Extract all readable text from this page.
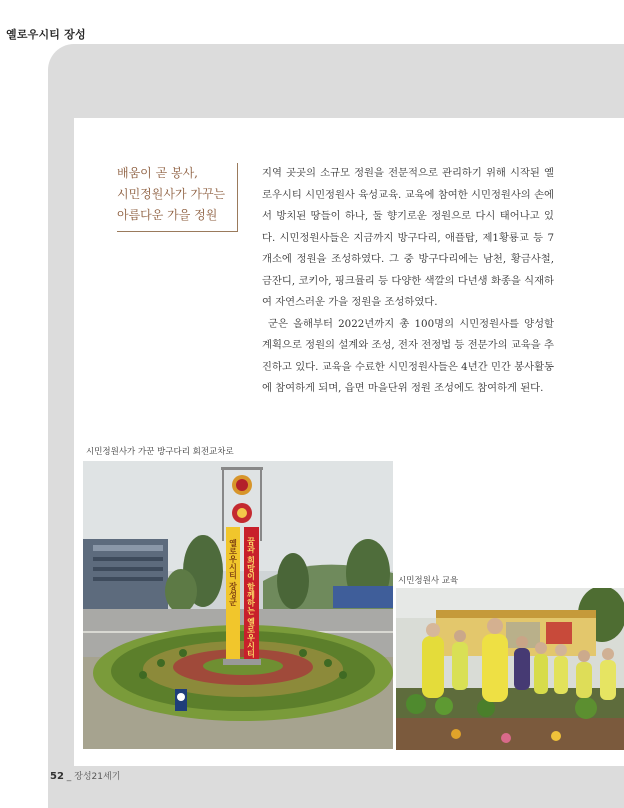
옐로우시티 장성
배움이 곧 봉사,
시민정원사가 가꾸는
아름다운 가을 정원

지역 곳곳의 소규모 정원을 전문적으로 관리하기 위해 시작된 옐로우시티 시민정원사 육성교육. 교육에 참여한 시민정원사의 손에서 방치된 땅들이 하나, 둘 향기로운 정원으로 다시 태어나고 있다. 시민정원사들은 지금까지 방구다리, 애플탑, 제1황룡교 등 7개소에 정원을 조성하였다. 그 중 방구다리에는 남천, 황금사철, 금잔디, 코키아, 핑크뮬리 등 다양한 색깔의 다년생 화종을 식재하여 자연스러운 가을 정원을 조성하였다.

군은 올해부터 2022년까지 총 100명의 시민정원사를 양성할 계획으로 정원의 설계와 조성, 전자 전정법 등 전문가의 교육을 추진하고 있다. 교육을 수료한 시민정원사들은 4년간 민간 봉사활동에 참여하게 되며, 읍면 마을단위 정원 조성에도 참여하게 된다.

시민정원사가 가꾼 방구다리 회전교차로
옐로우시티 장성군 꿈과 희망이 함께하는 옐로우시티	시민정원사 교육
52 _ 장성21세기
